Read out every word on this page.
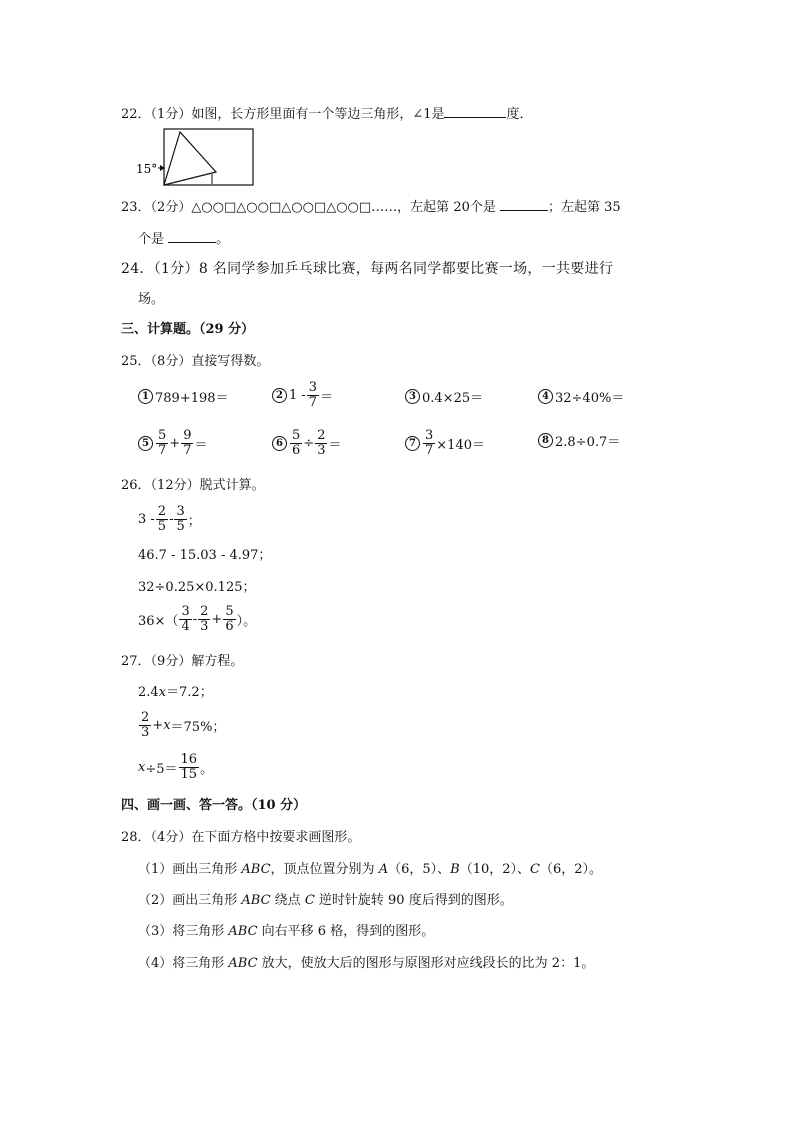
22．（1分）如图，长方形里面有一个等边三角形，∠1是	度．
15°
23．（2分）△○○□△○○□△○○□△○○□……，左起第 20个是	；左起第 35
个是	。
24．（1分）8 名同学参加乒乓球比赛，每两名同学都要比赛一场，一共要进行
场。
三、计算题。（29 分）
25．（8分）直接写得数。
1 789+198＝	2 $1 - \frac{3}{7}$ ＝	3 0.4×25＝	4 32÷40%＝
$5 \frac{5}{7} + \frac{9}{7}$ ＝	$6 \frac{5}{6} \div \frac{2}{3}$ ＝	$7 \frac{3}{7} \times 140=$	8 2.8÷0.7＝
26．（12分）脱式计算。
$3 - \frac{2}{5} - \frac{3}{5}$ ；
46.7 - 15.03 - 4.97；
32÷0.25×0.125；
$36\times( \frac{3}{4} - \frac{2}{3} + \frac{5}{6}$ ）。
27．（9分）解方程。
2.4x＝7.2；
$\frac{2}{3} + x =75\%$；
$x \div 5= \frac{16}{15}$ 。
四、画一画、答一答。（10 分）
28．（4分）在下面方格中按要求画图形。
（1）画出三角形 ABC，顶点位置分别为 A（6，5）、B（10，2）、C（6，2）。
（2）画出三角形 ABC 绕点 C 逆时针旋转 90 度后得到的图形。
（3）将三角形 ABC 向右平移 6 格，得到的图形。
（4）将三角形 ABC 放大，使放大后的图形与原图形对应线段长的比为 2：1。
